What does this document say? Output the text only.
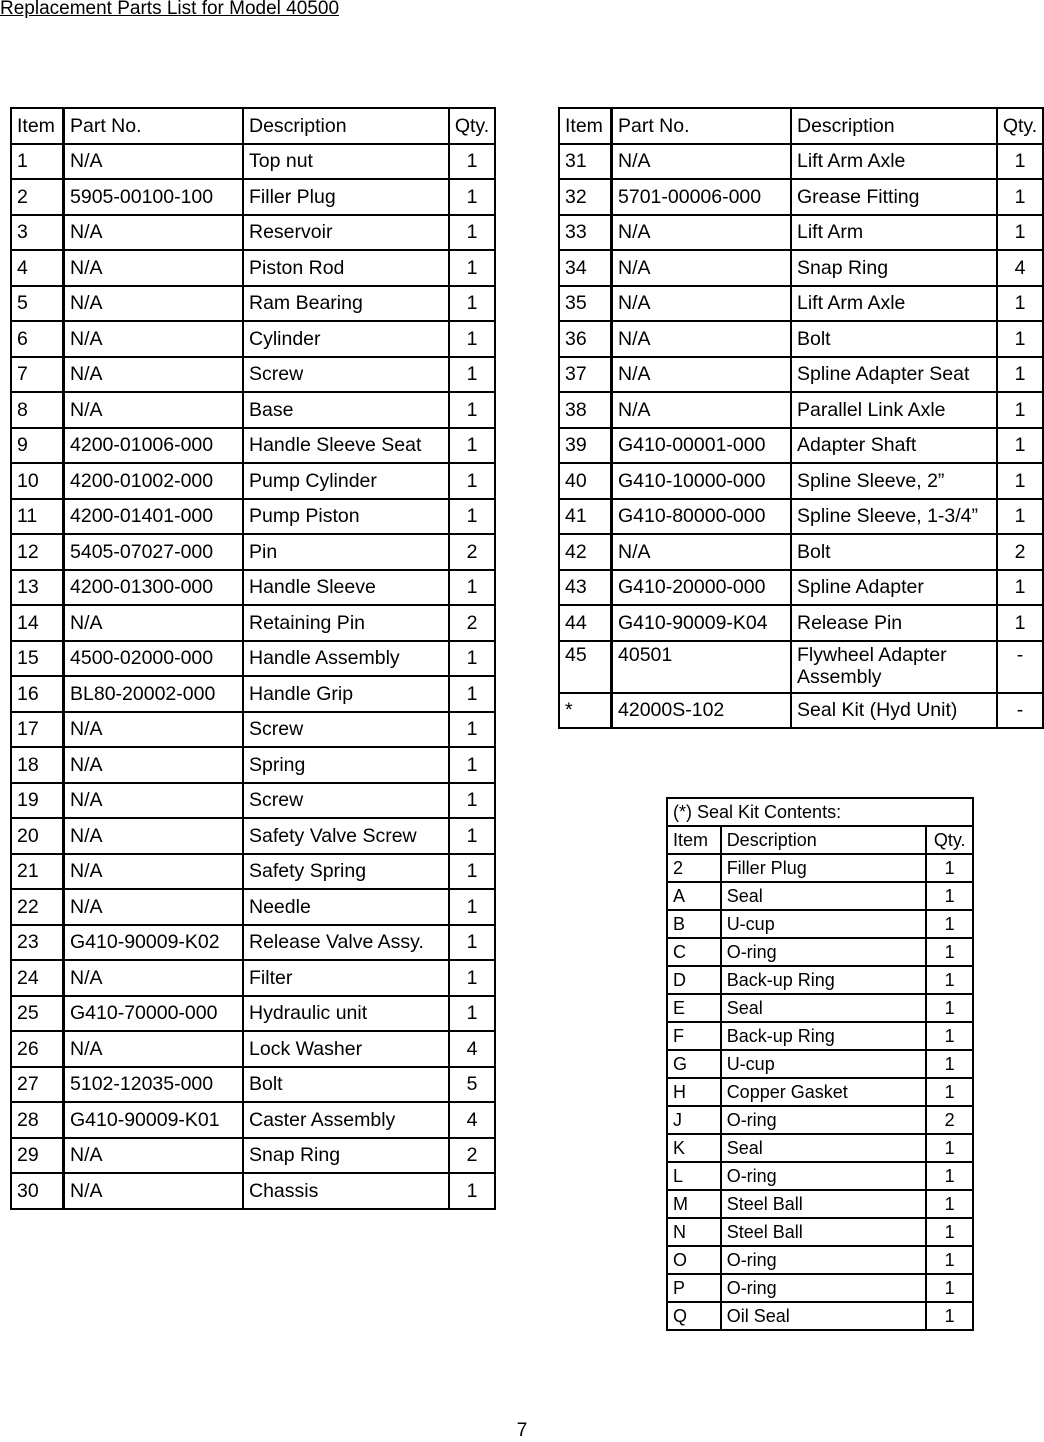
Replacement Parts List for Model 40500
Item	Part No.	Description	Qty.
1	N/A	Top nut	1
2	5905-00100-100	Filler Plug	1
3	N/A	Reservoir	1
4	N/A	Piston Rod	1
5	N/A	Ram Bearing	1
6	N/A	Cylinder	1
7	N/A	Screw	1
8	N/A	Base	1
9	4200-01006-000	Handle Sleeve Seat	1
10	4200-01002-000	Pump Cylinder	1
11	4200-01401-000	Pump Piston	1
12	5405-07027-000	Pin	2
13	4200-01300-000	Handle Sleeve	1
14	N/A	Retaining Pin	2
15	4500-02000-000	Handle Assembly	1
16	BL80-20002-000	Handle Grip	1
17	N/A	Screw	1
18	N/A	Spring	1
19	N/A	Screw	1
20	N/A	Safety Valve Screw	1
21	N/A	Safety Spring	1
22	N/A	Needle	1
23	G410-90009-K02	Release Valve Assy.	1
24	N/A	Filter	1
25	G410-70000-000	Hydraulic unit	1
26	N/A	Lock Washer	4
27	5102-12035-000	Bolt	5
28	G410-90009-K01	Caster Assembly	4
29	N/A	Snap Ring	2
30	N/A	Chassis	1
Item	Part No.	Description	Qty.
31	N/A	Lift Arm Axle	1
32	5701-00006-000	Grease Fitting	1
33	N/A	Lift Arm	1
34	N/A	Snap Ring	4
35	N/A	Lift Arm Axle	1
36	N/A	Bolt	1
37	N/A	Spline Adapter Seat	1
38	N/A	Parallel Link Axle	1
39	G410-00001-000	Adapter Shaft	1
40	G410-10000-000	Spline Sleeve, 2”	1
41	G410-80000-000	Spline Sleeve, 1-3/4”	1
42	N/A	Bolt	2
43	G410-20000-000	Spline Adapter	1
44	G410-90009-K04	Release Pin	1
45	40501	Flywheel Adapter Assembly	-
*	42000S-102	Seal Kit (Hyd Unit)	-
(*) Seal Kit Contents:		
Item	Description	Qty.
2	Filler Plug	1
A	Seal	1
B	U-cup	1
C	O-ring	1
D	Back-up Ring	1
E	Seal	1
F	Back-up Ring	1
G	U-cup	1
H	Copper Gasket	1
J	O-ring	2
K	Seal	1
L	O-ring	1
M	Steel Ball	1
N	Steel Ball	1
O	O-ring	1
P	O-ring	1
Q	Oil Seal	1
7
